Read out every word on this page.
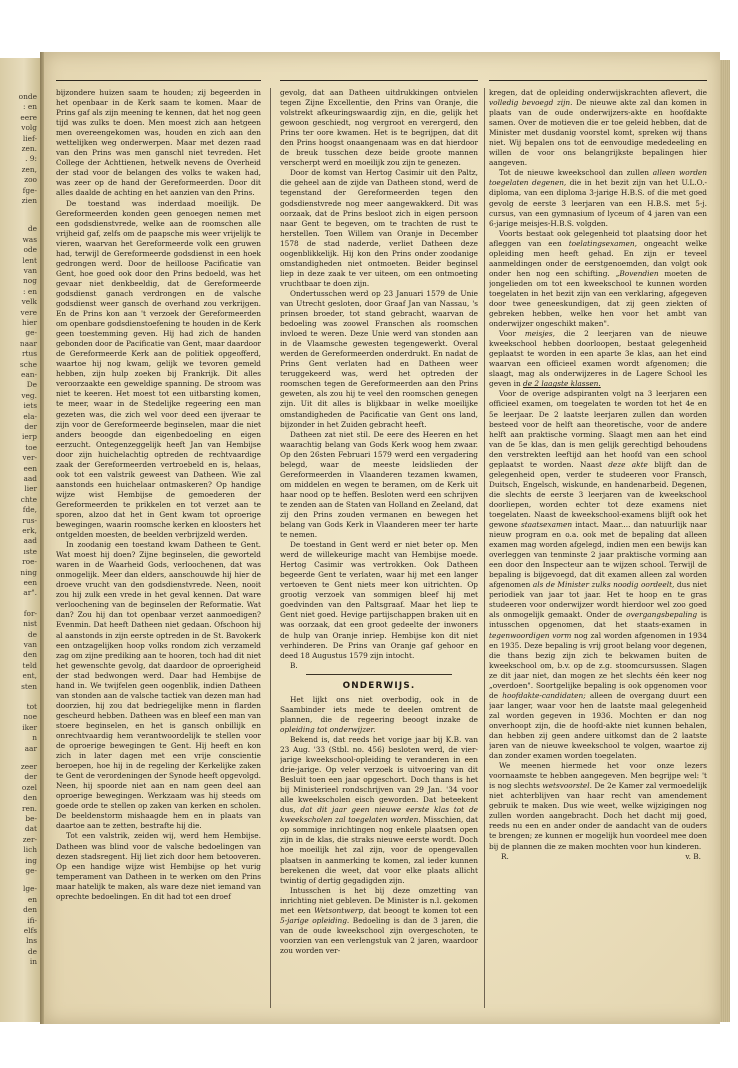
onde
: en
eere
volg
lief-
zen.
. 9:
zen,
zoo
fge-
zien
de
was
ode
lent
van
nog
: en
velk
vere
hier
ge-
naar
rtus
sche
ean-
De
veg.
iets
ela-
der
ierp
toe
ver-
een
aad
lier
chte
fde,
rus-
erk,
aad
ıste
roe-
ning
een
ar".
for-
nist
de
van
den
teld
ent,
sten
tot
noe
iker
n
aar
zeer
der
ozel
den
ren.
be-
dat
zer-
lich
ing
ge-
lge-
en
den
ifi-
elfs
lns
de
in

bijzondere huizen saam te houden; zij begeerden in het openbaar in de Kerk saam te komen. Maar de Prins gaf als zijn meening te kennen, dat het nog geen tijd was zulks te doen. Men moest zich aan hetgeen men overeengekomen was, houden en zich aan den wettelijken weg onderwerpen. Maar met dezen raad van den Prins was men ganschl niet tevreden. Het College der Achttienen, hetwelk nevens de Overheid der stad voor de belangen des volks te waken had, was zeer op de hand der Gereformeerden. Door dit alles daalde de achting en het aanzien van den Prins.

De toestand was inderdaad moeilijk. De Gereformeerden konden geen genoegen nemen met een godsdienstvrede, welke aan de roomschen alle vrijheid gaf, zelfs om de paapsche mis weer vrijelijk te vieren, waarvan het Gereformeerde volk een gruwen had, terwijl de Gereformeerde godsdienst in een hoek gedrongen werd. Door de heilloose Pacificatie van Gent, hoe goed ook door den Prins bedoeld, was het gevaar niet denkbeeldig, dat de Gereformeerde godsdienst ganach verdrongen en de valsche godsdienst weer gansch de overhand zou verkrijgen. En de Prins kon aan 't verzoek der Gereformeerden om openbare godsdienstoefening te houden in de Kerk geen toestemming geven. Hij had zich de handen gebonden door de Pacificatie van Gent, maar daardoor de Gereformeerde Kerk aan de politiek opgeofferd, waartoe hij nog kwam, gelijk we tevoren gemeld hebben, zijn hulp zoeken bij Frankrijk. Dit alles veroorzaakte een geweldige spanning. De stroom was niet te keeren. Het moest tot een uitbarsting komen, te meer, waar in de Stedelijke regeering een man gezeten was, die zich wel voor deed een ijveraar te zijn voor de Gereformeerde beginselen, maar die niet anders beoogde dan eigenbedoeling en eigen eerzucht. Ontegenzeggelijk heeft Jan van Hembijse door zijn huichelachtig optreden de rechtvaardige zaak der Gereformeerden vertroebeld en is, helaas, ook tot een valstrik geweest van Datheen. Wie zal aanstonds een huichelaar ontmaskeren? Op handige wijze wist Hembijse de gemoederen der Gereformeerden te prikkelen en tot verzet aan te sporen, alzoo dat het in Gent kwam tot oproerige bewegingen, waarin roomsche kerken en kloosters het ontgelden moesten, de beelden verbrijzeld werden.

In zoodanig een toestand kwam Datheen te Gent. Wat moest hij doen? Zijne beginselen, die geworteld waren in de Waarheid Gods, verloochenen, dat was onmogelijk. Meer dan elders, aanschouwde hij hier de droeve vrucht van den godsdienstvrede. Neen, nooit zou hij zulk een vrede in het geval kennen. Dat ware verloochening van de beginselen der Reformatie. Wat dan? Zou hij dan tot openbaar verzet aanmoedigen? Evenmin. Dat heeft Datheen niet gedaan. Ofschoon hij al aanstonds in zijn eerste optreden in de St. Bavokerk een ontzagelijken hoop volks rondom zich verzameld zag om zijne prediking aan te hooren, toch had dit niet het gewenschte gevolg, dat daardoor de oproerigheid der stad bedwongen werd. Daar had Hembijse de hand in. We twijfelen geen oogenblik, indien Datheen van stonden aan de valsche tactiek van dezen man had doorzien, hij zou dat bedriegelijke menn in flarden gescheurd hebben. Datheen was en bleef een man van stoere beginselen, en het is gansch onbillijk en onrechtvaardig hem verantwoordelijk te stellen voor de oproerige bewegingen te Gent. Hij heeft en kon zich in later dagen met een vrije conscientie beroepen, hoe hij in de regeling der Kerkelijke zaken te Gent de verordeningen der Synode heeft opgevolgd. Neen, hij spoorde niet aan en nam geen deel aan oproerige bewegingen. Werkzaam was hij steeds om goede orde te stellen op zaken van kerken en scholen. De beeldenstorm mishaagde hem en in plaats van daartoe aan te zetten, bestrafte hij die.

Tot een valstrik, zeiden wij, werd hem Hembijse. Datheen was blind voor de valsche bedoelingen van dezen stadsregent. Hij liet zich door hem betooveren. Op een handige wijze wist Hembijse op het vurig temperament van Datheen in te werken om den Prins maar hatelijk te maken, als ware deze niet iemand van oprechte bedoelingen. En dit had tot een droef

gevolg, dat aan Datheen uitdrukkingen ontvielen tegen Zijne Excellentie, den Prins van Oranje, die volstrekt afkeuringswaardig zijn, en die, gelijk het gewoon geschiedt, nog vergroot en verergerd, den Prins ter oore kwamen. Het is te begrijpen, dat dit den Prins hoogst onaangenaam was en dat hierdoor de breuk tusschen deze beide groote mannen verscherpt werd en moeilijk zou zijn te genezen.

Door de komst van Hertog Casimir uit den Paltz, die geheel aan de zijde van Datheen stond, werd de tegenstand der Gereformeerden tegen den godsdienstvrede nog meer aangewakkerd. Dit was oorzaak, dat de Prins besloot zich in eigen persoon naar Gent te begeven, om te trachten de rust te herstellen. Toen Willem van Oranje in December 1578 de stad naderde, verliet Datheen deze oogenblikkelijk. Hij kon den Prins onder zoodanige omstandigheden niet ontmoeten. Beider beginsel liep in deze zaak te ver uiteen, om een ontmoeting vruchtbaar te doen zijn.

Ondertusschen werd op 23 Januari 1579 de Unie van Utrecht gesloten, door Graaf Jan van Nassau, 's prinsen broeder, tot stand gebracht, waarvan de bedoeling was zoowel Franschen als roomschen invloed te weren. Deze Unie werd van stonden aan in de Vlaamsche gewesten tegengewerkt. Overal werden de Gereformeerden onderdrukt. En nadat de Prins Gent verlaten had en Datheen weer teruggekeerd was, werd het optreden der roomschen tegen de Gereformeerden aan den Prins geweten, als zou hij te veel den roomschen genegen zijn. Uit dit alles is blijkbaar in welke moeilijke omstandigheden de Pacificatie van Gent ons land, bijzonder in het Zuiden gebracht heeft.

Datheen zat niet stil. De eere des Heeren en het waarachtig belang van Gods Kerk woog hem zwaar. Op den 26sten Februari 1579 werd een vergadering belegd, waar de meeste leidslieden der Gereformeerden in Vlaanderen tezamen kwamen, om middelen en wegen te beramen, om de Kerk uit haar nood op te heffen. Besloten werd een schrijven te zenden aan de Staten van Holland en Zeeland, dat zij den Prins zouden vermanen en bewegen het belang van Gods Kerk in Vlaanderen meer ter harte te nemen.

De toestand in Gent werd er niet beter op. Men werd de willekeurige macht van Hembijse moede. Hertog Casimir was vertrokken. Ook Datheen begeerde Gent te verlaten, waar hij met een langer vertoeven te Gent niets meer kon uitrichten. Op grootig verzoek van sommigen bleef hij met goedvinden van den Paltsgraaf. Maar het liep te Gent niet goed. Hevige partijschappen braken uit en was oorzaak, dat een groot gedeelte der inwoners de hulp van Oranje inriep. Hembijse kon dit niet verhinderen. De Prins van Oranje gaf gehoor en deed 18 Augustus 1579 zijn intocht.

B.

ONDERWIJS.

Het lijkt ons niet overbodig, ook in de Saambinder iets mede te deelen omtrent de plannen, die de regeering beoogt inzake de opleiding tot onderwijzer.

Bekend is, dat reeds het vorige jaar bij K.B. van 23 Aug. '33 (Stbl. no. 456) besloten werd, de vier-jarige kweekschool-opleiding te veranderen in een drie-jarige. Op veler verzoek is uitvoering van dit Besluit toen een jaar opgeschort. Doch thans is het bij Ministerieel rondschrijven van 29 Jan. '34 voor alle kweekscholen eisch geworden. Dat beteekent dus, dat dit jaar geen nieuwe eerste klas tot de kweekscholen zal toegelaten worden. Misschien, dat op sommige inrichtingen nog enkele plaatsen open zijn in de klas, die straks nieuwe eerste wordt. Doch hoe moeilijk het zal zijn, voor de opengevallen plaatsen in aanmerking te komen, zal ieder kunnen berekenen die weet, dat voor elke plaats allicht twintig of dertig gegadigden zijn.

Intusschen is het bij deze omzetting van inrichting niet gebleven. De Minister is n.l. gekomen met een Wetsontwerp, dat beoogt te komen tot een 5-jarige opleiding. Bedoeling is dan de 3 jaren, die van de oude kweekschool zijn overgeschoten, te voorzien van een verlengstuk van 2 jaren, waardoor zou worden ver-

kregen, dat de opleiding onderwijskrachten aflevert, die volledig bevoegd zijn. De nieuwe akte zal dan komen in plaats van de oude onderwijzers-akte en hoofdakte samen. Over de motieven die er toe geleid hebben, dat de Minister met dusdanig voorstel komt, spreken wij thans niet. Wij bepalen ons tot de eenvoudige mededeeling en willen de voor ons belangrijkste bepalingen hier aangeven.

Tot de nieuwe kweekschool dan zullen alleen worden toegelaten degenen, die in het bezit zijn van het U.L.O.-diploma, van een diploma 3-jarige H.B.S. of die met goed gevolg de eerste 3 leerjaren van een H.B.S. met 5-j. cursus, van een gymnasium of lyceum of 4 jaren van een 6-jarige meisjes-H.B.S. volgden.

Voorts bestaat ook gelegenheid tot plaatsing door het afleggen van een toelatingsexamen, ongeacht welke opleiding men heeft gehad. En zijn er teveel aanmeldingen onder de eerstgenoemden, dan volgt ook onder hen nog een schifting. „Bovendien moeten de jongelieden om tot een kweekschool te kunnen worden toegelaten in het bezit zijn van een verklaring, afgegeven door twee geneeskundigen, dat zij geen ziekten of gebreken hebben, welke hen voor het ambt van onderwijzer ongeschikt maken".

Voor meisjes, die 2 leerjaren van de nieuwe kweekschool hebben doorloopen, bestaat gelegenheid geplaatst te worden in een aparte 3e klas, aan het eind waarvan een officieel examen wordt afgenomen; die slaagt, mag als onderwijzeres in de Lagere School les geven in de 2 laagste klassen.

Voor de overige adspiranten volgt na 3 leerjaren een officieel examen, om toegelaten te worden tot het 4e en 5e leerjaar. De 2 laatste leerjaren zullen dan worden besteed voor de helft aan theoretische, voor de andere helft aan praktische vorming. Slaagt men aan het eind van de 5e klas, dan is men gelijk gerechtigd behoudens den verstrekten leeftijd aan het hoofd van een school geplaatst te worden. Naast deze akte blijft dan de gelegenheid open, verder te studeeren voor Fransch, Duitsch, Engelsch, wiskunde, en handenarbeid. Degenen, die slechts de eerste 3 leerjaren van de kweekschool doorliepen, worden echter tot deze examens niet toegelaten. Naast de kweekschool-examens blijft ook het gewone staatsexamen intact. Maar.... dan natuurlijk naar nieuw program en o.a. ook met de bepaling dat alleen examen mag worden afgelegd, indien men een bewijs kan overleggen van tenminste 2 jaar praktische vorming aan een door den Inspecteur aan te wijzen school. Terwijl de bepaling is bijgevoegd, dat dit examen alleen zal worden afgenomen als de Minister zulks noodig oordeelt, dus niet periodiek van jaar tot jaar. Het te hoop en te gras studeeren voor onderwijzer wordt hierdoor wel zoo goed als onmogelijk gemaakt. Onder de overgangsbepaling is intusschen opgenomen, dat het staats-examen in tegenwoordigen vorm nog zal worden afgenomen in 1934 en 1935. Deze bepaling is vrij groot belang voor degenen, die thans bezig zijn zich te bekwamen buiten de kweekschool om, b.v. op de z.g. stoomcursussen. Slagen ze dit jaar niet, dan mogen ze het slechts één keer nog „overdoen". Soortgelijke bepaling is ook opgenomen voor de hoofdakte-candidaten; alleen de overgang duurt een jaar langer, waar voor hen de laatste maal gelegenheid zal worden gegeven in 1936. Mochten er dan nog onverhoopt zijn, die de hoofd-akte niet kunnen behalen, dan hebben zij geen andere uitkomst dan de 2 laatste jaren van de nieuwe kweekschool te volgen, waartoe zij dan zonder examen worden toegelaten.

We meenen hiermede het voor onze lezers voornaamste te hebben aangegeven. Men begrijpe wel: 't is nog slechts wetsvoorstel. De 2e Kamer zal vermoedelijk niet achterblijven van haar recht van amendement gebruik te maken. Dus wie weet, welke wijzigingen nog zullen worden aangebracht. Doch het dacht mij goed, reeds nu een en ander onder de aandacht van de ouders te brengen; ze kunnen er mogelijk hun voordeel mee doen bij de plannen die ze maken mochten voor hun kinderen.

R.	v. B.
